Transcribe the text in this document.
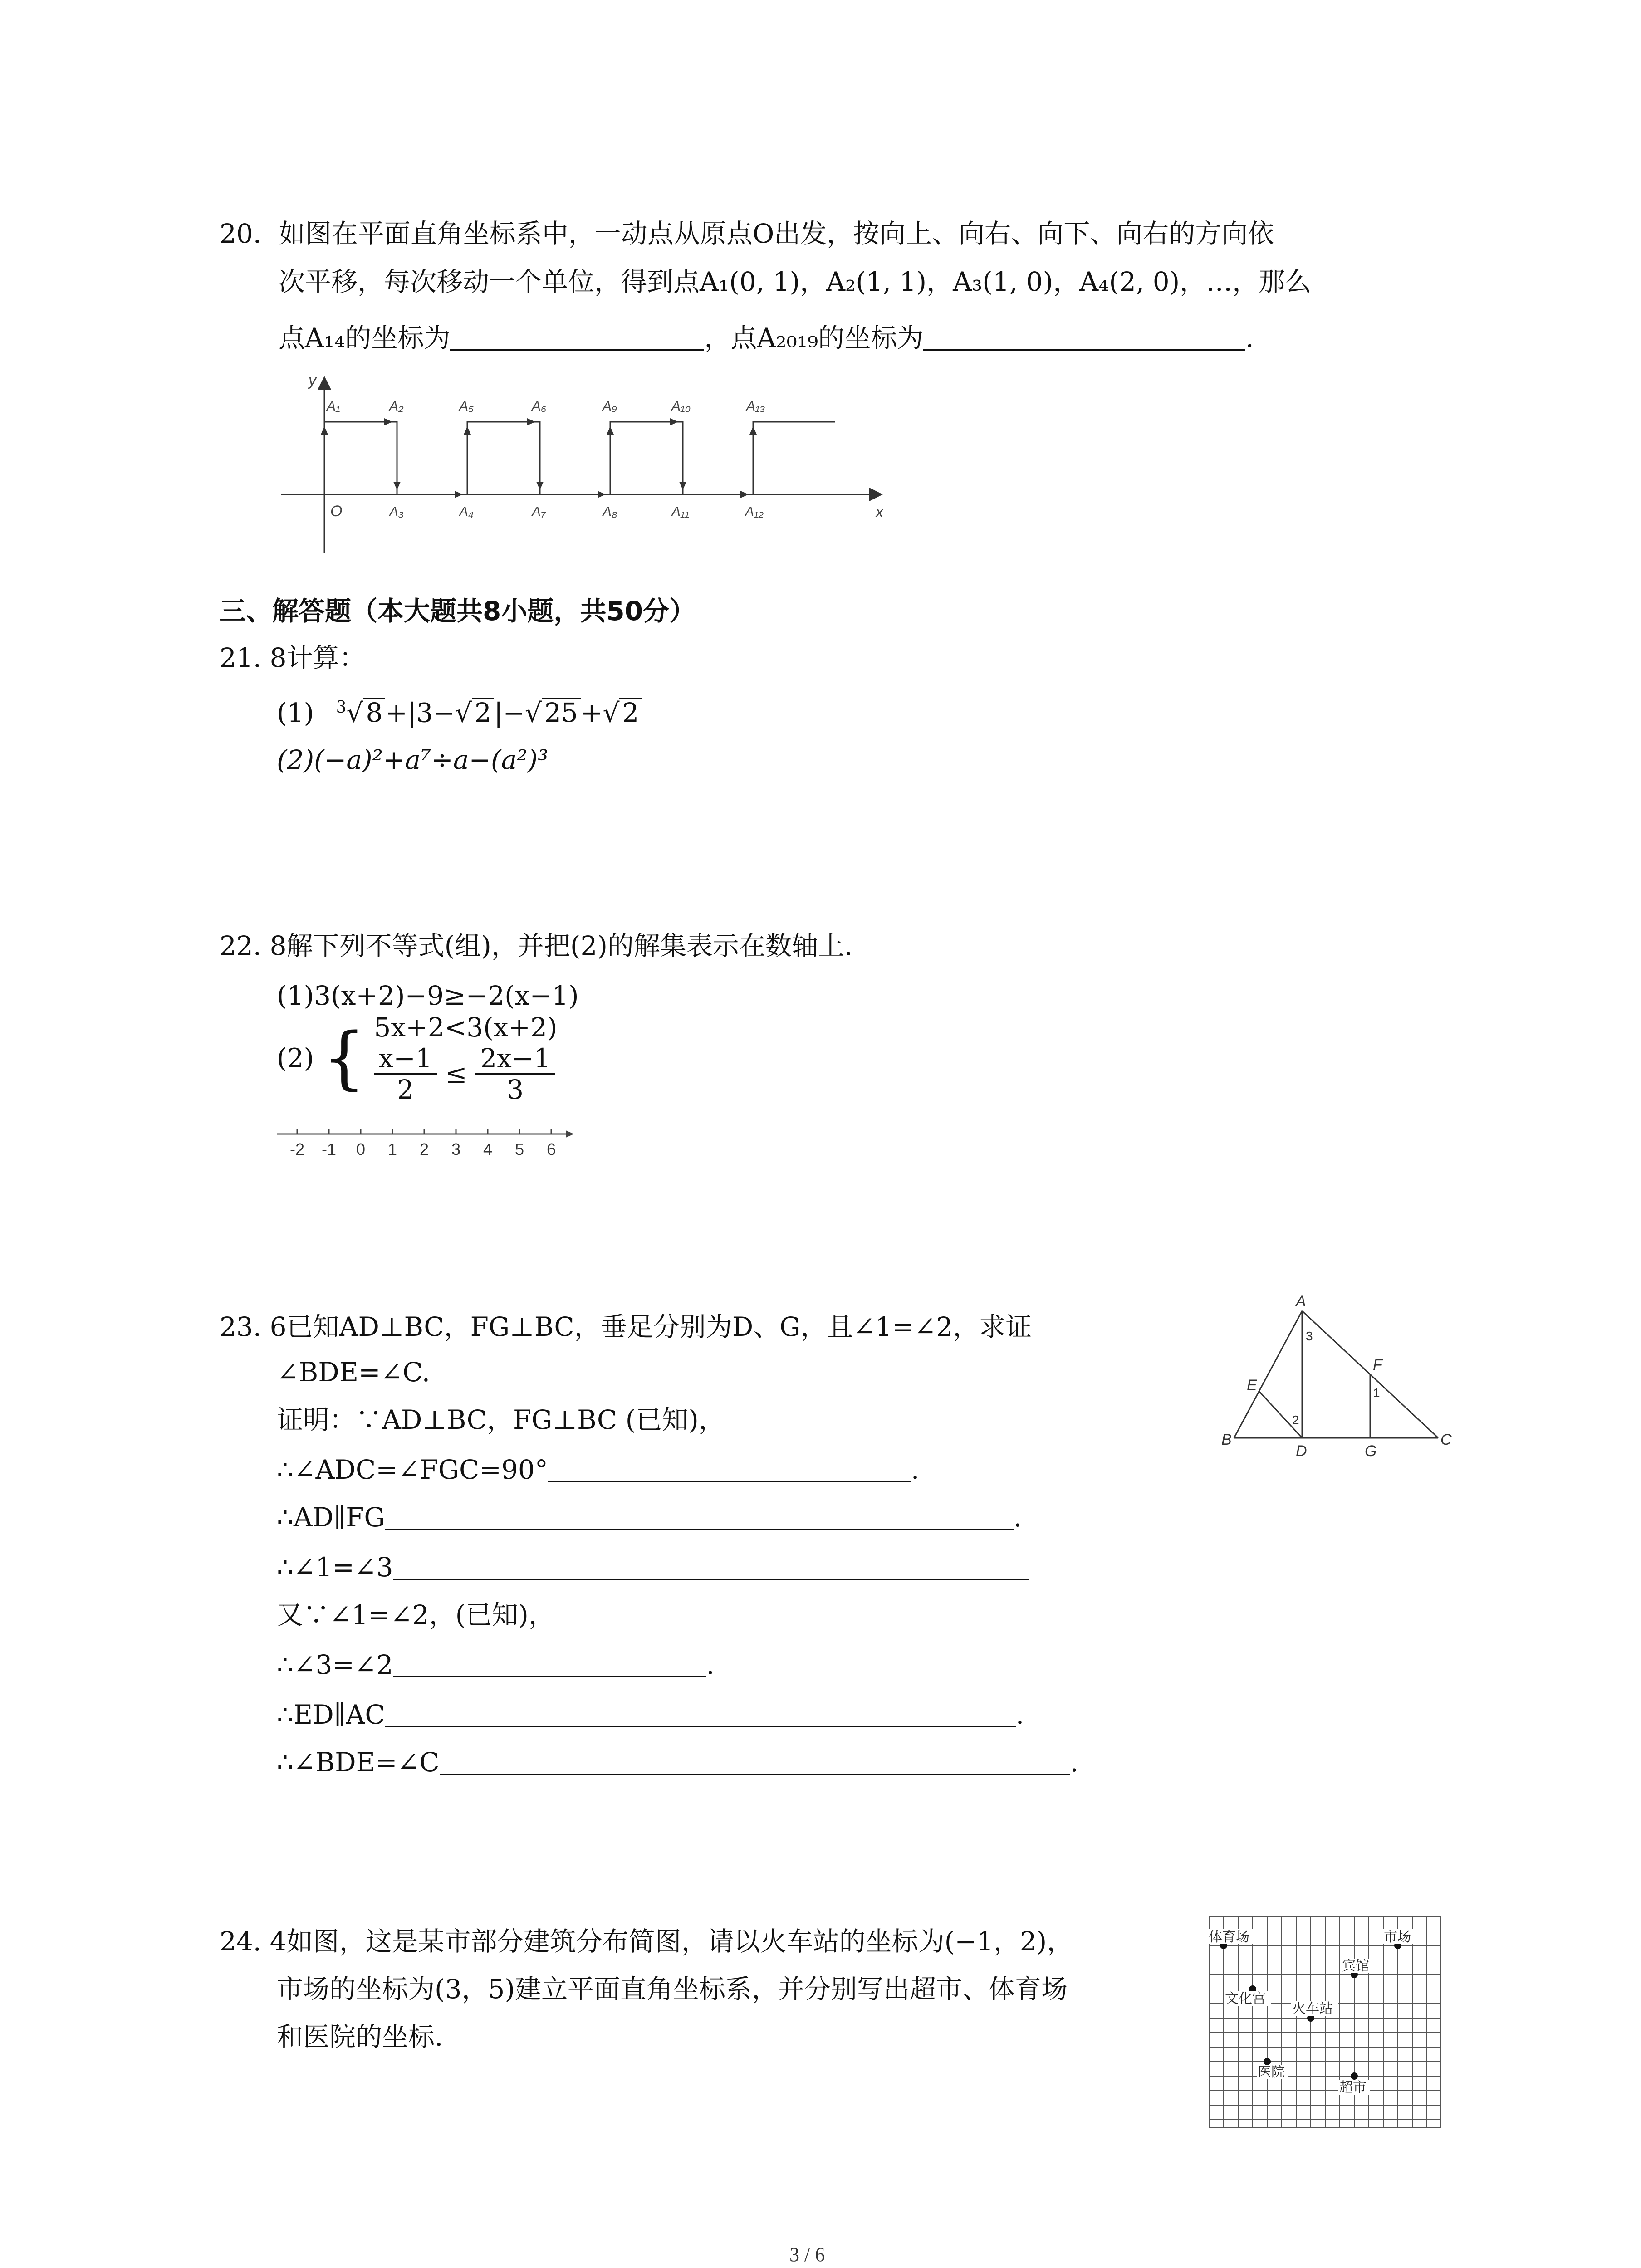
20. 如图在平面直角坐标系中，一动点从原点O出发，按向上、向右、向下、向右的方向依
次平移，每次移动一个单位，得到点A₁(0, 1)，A₂(1, 1)，A₃(1, 0)，A₄(2, 0)，…，那么
点A₁₄的坐标为	，点A₂₀₁₉的坐标为	.
y
x
O
A₁	A₂	A₅	A₆	A₉	A₁₀	A₁₃
A₃	A₄	A₇	A₈	A₁₁	A₁₂
三、解答题（本大题共8小题，共50分）
21. 8计算：
(1) $^3$√ 8 +|3−√ 2 |−√ 25 +√ 2
(2)(−a)²+a⁷÷a−(a²)³
22. 8解下列不等式(组)，并把(2)的解集表示在数轴上.
(1)3(x+2)−9≥−2(x−1)
(2) { 5x+2<3(x+2)
$\frac{x-1}{2} \le \frac{2x-1}{3}$
-2 -1 0 1 2 3 4 5 6
23. 6已知AD⊥BC，FG⊥BC，垂足分别为D、G，且∠1=∠2，求证
∠BDE=∠C.
证明：∵AD⊥BC，FG⊥BC (已知)，
∴∠ADC=∠FGC=90°	.
∴AD∥FG	.
∴∠1=∠3
又∵∠1=∠2，(已知)，
∴∠3=∠2	.
∴ED∥AC	.
∴∠BDE=∠C	.
A
B	C
D
E
F
G
3
1
2
24. 4如图，这是某市部分建筑分布简图，请以火车站的坐标为(−1，2)，
市场的坐标为(3，5)建立平面直角坐标系，并分别写出超市、体育场
和医院的坐标.
体育场	市场
宾馆
文化宫
火车站
医院
超市
3 / 6
